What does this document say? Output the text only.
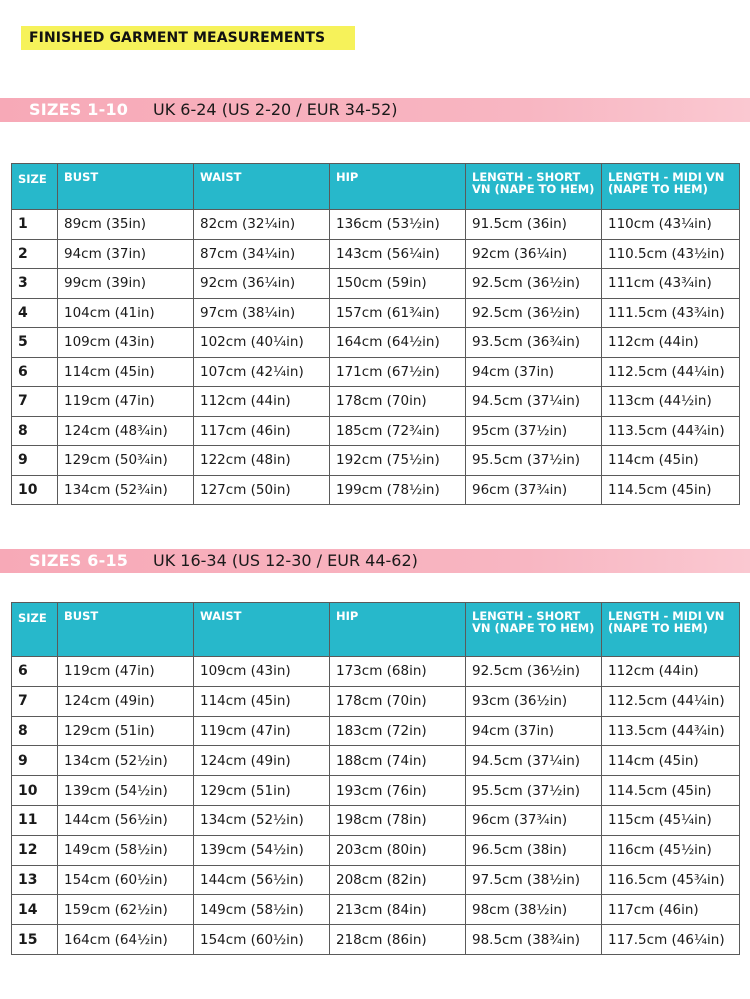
FINISHED GARMENT MEASUREMENTS
SIZES 1-10 UK 6-24 (US 2-20 / EUR 34-52)
SIZE	BUST	WAIST	HIP	LENGTH - SHORT VN (NAPE TO HEM)	LENGTH - MIDI VN (NAPE TO HEM)
1	89cm (35in)	82cm (32¼in)	136cm (53½in)	91.5cm (36in)	110cm (43¼in)
2	94cm (37in)	87cm (34¼in)	143cm (56¼in)	92cm (36¼in)	110.5cm (43½in)
3	99cm (39in)	92cm (36¼in)	150cm (59in)	92.5cm (36½in)	111cm (43¾in)
4	104cm (41in)	97cm (38¼in)	157cm (61¾in)	92.5cm (36½in)	111.5cm (43¾in)
5	109cm (43in)	102cm (40¼in)	164cm (64½in)	93.5cm (36¾in)	112cm (44in)
6	114cm (45in)	107cm (42¼in)	171cm (67½in)	94cm (37in)	112.5cm (44¼in)
7	119cm (47in)	112cm (44in)	178cm (70in)	94.5cm (37¼in)	113cm (44½in)
8	124cm (48¾in)	117cm (46in)	185cm (72¾in)	95cm (37½in)	113.5cm (44¾in)
9	129cm (50¾in)	122cm (48in)	192cm (75½in)	95.5cm (37½in)	114cm (45in)
10	134cm (52¾in)	127cm (50in)	199cm (78½in)	96cm (37¾in)	114.5cm (45in)
SIZES 6-15 UK 16-34 (US 12-30 / EUR 44-62)
SIZE	BUST	WAIST	HIP	LENGTH - SHORT VN (NAPE TO HEM)	LENGTH - MIDI VN (NAPE TO HEM)
6	119cm (47in)	109cm (43in)	173cm (68in)	92.5cm (36½in)	112cm (44in)
7	124cm (49in)	114cm (45in)	178cm (70in)	93cm (36½in)	112.5cm (44¼in)
8	129cm (51in)	119cm (47in)	183cm (72in)	94cm (37in)	113.5cm (44¾in)
9	134cm (52½in)	124cm (49in)	188cm (74in)	94.5cm (37¼in)	114cm (45in)
10	139cm (54½in)	129cm (51in)	193cm (76in)	95.5cm (37½in)	114.5cm (45in)
11	144cm (56½in)	134cm (52½in)	198cm (78in)	96cm (37¾in)	115cm (45¼in)
12	149cm (58½in)	139cm (54½in)	203cm (80in)	96.5cm (38in)	116cm (45½in)
13	154cm (60½in)	144cm (56½in)	208cm (82in)	97.5cm (38½in)	116.5cm (45¾in)
14	159cm (62½in)	149cm (58½in)	213cm (84in)	98cm (38½in)	117cm (46in)
15	164cm (64½in)	154cm (60½in)	218cm (86in)	98.5cm (38¾in)	117.5cm (46¼in)
